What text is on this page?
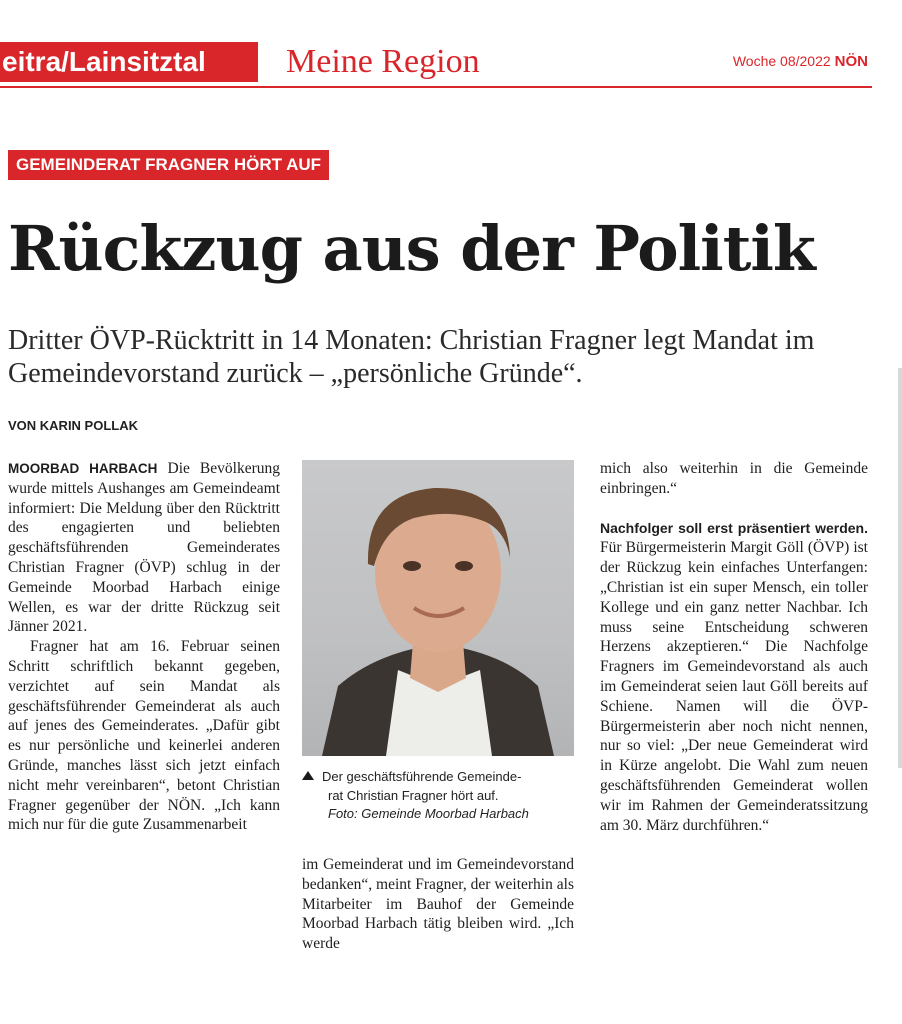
eitra/Lainsitztal	Meine Region	Woche 08/2022 NÖN
GEMEINDERAT FRAGNER HÖRT AUF
Rückzug aus der Politik
Dritter ÖVP-Rücktritt in 14 Monaten: Christian Fragner legt Mandat im Gemeindevorstand zurück – „persönliche Gründe“.
VON KARIN POLLAK

MOORBAD HARBACH Die Bevölkerung wurde mittels Aushanges am Gemeindeamt informiert: Die Meldung über den Rücktritt des engagierten und beliebten geschäftsführenden Gemeinderates Christian Fragner (ÖVP) schlug in der Gemeinde Moorbad Harbach einige Wellen, es war der dritte Rückzug seit Jänner 2021.

Fragner hat am 16. Februar seinen Schritt schriftlich bekannt gegeben, verzichtet auf sein Mandat als geschäftsführender Gemeinderat als auch auf jenes des Gemeinderates. „Dafür gibt es nur persönliche und keinerlei anderen Gründe, manches lässt sich jetzt einfach nicht mehr vereinbaren“, betont Christian Fragner gegenüber der NÖN. „Ich kann mich nur für die gute Zusammenarbeit

Der geschäftsführende Gemeinde-
rat Christian Fragner hört auf.
Foto: Gemeinde Moorbad Harbach

im Gemeinderat und im Gemeindevorstand bedanken“, meint Fragner, der weiterhin als Mitarbeiter im Bauhof der Gemeinde Moorbad Harbach tätig bleiben wird. „Ich werde

mich also weiterhin in die Gemeinde einbringen.“

Nachfolger soll erst präsentiert werden. Für Bürgermeisterin Margit Göll (ÖVP) ist der Rückzug kein einfaches Unterfangen: „Christian ist ein super Mensch, ein toller Kollege und ein ganz netter Nachbar. Ich muss seine Entscheidung schweren Herzens akzeptieren.“ Die Nachfolge Fragners im Gemeindevorstand als auch im Gemeinderat seien laut Göll bereits auf Schiene. Namen will die ÖVP-Bürgermeisterin aber noch nicht nennen, nur so viel: „Der neue Gemeinderat wird in Kürze angelobt. Die Wahl zum neuen geschäftsführenden Gemeinderat wollen wir im Rahmen der Gemeinderatssitzung am 30. März durchführen.“
